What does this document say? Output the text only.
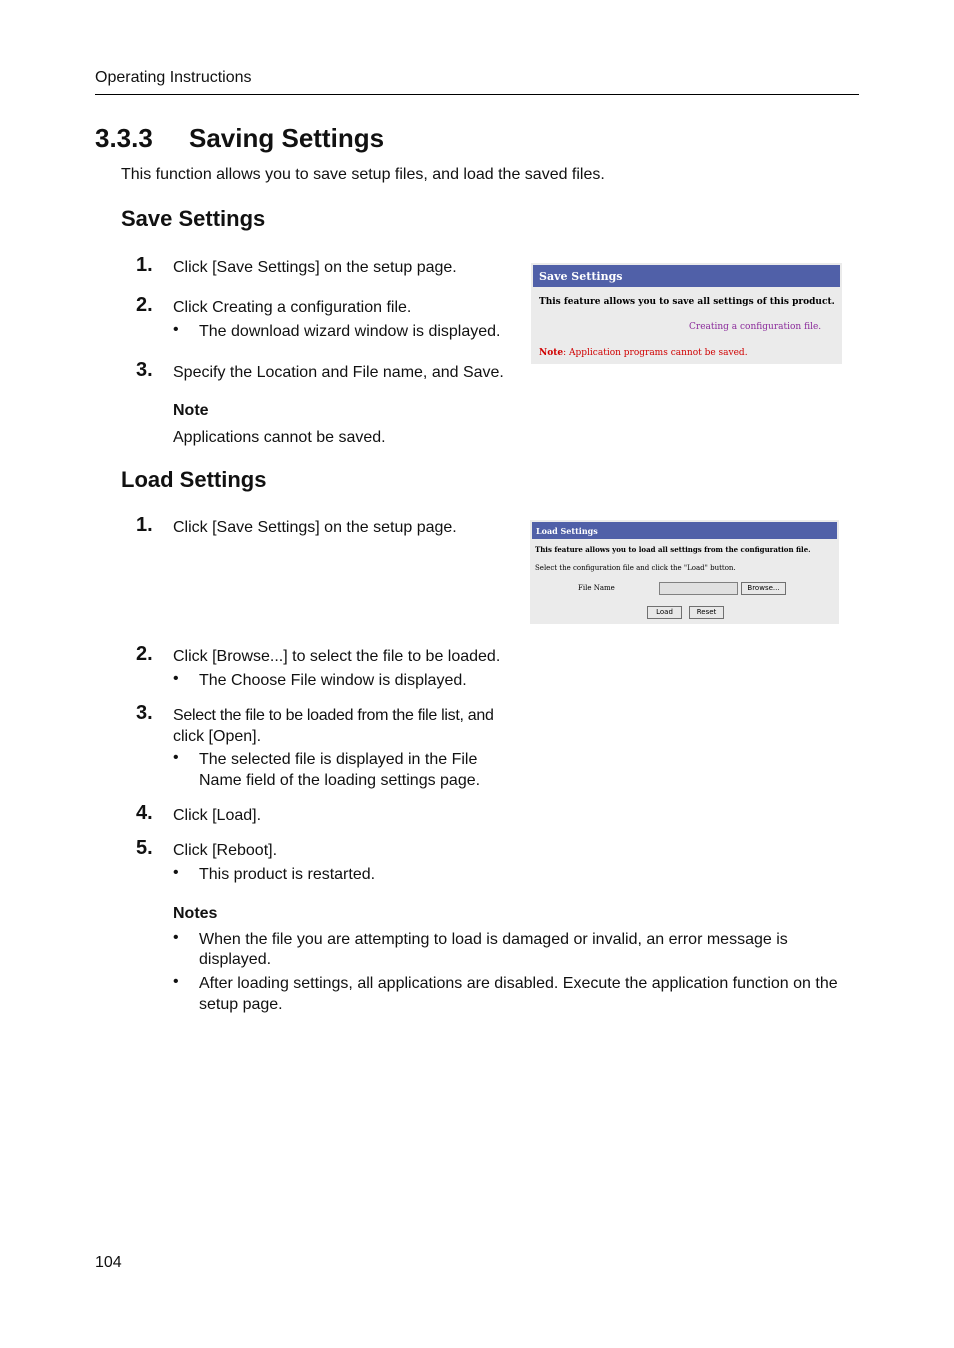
Operating Instructions
3.3.3 Saving Settings
This function allows you to save setup files, and load the saved files.
Save Settings
1. Click [Save Settings] on the setup page.
2. Click Creating a configuration file.
• The download wizard window is displayed.
3. Specify the Location and File name, and Save.
Note
Applications cannot be saved.
Save Settings
This feature allows you to save all settings of this product.
Creating a configuration file.
Note: Application programs cannot be saved.
Load Settings
1. Click [Save Settings] on the setup page.	Load Settings
This feature allows you to load all settings from the configuration file.
Select the configuration file and click the "Load" button.
File Name	Browse...
Load	Reset
2. Click [Browse...] to select the file to be loaded.
• The Choose File window is displayed.
3. Select the file to be loaded from the file list, and
click [Open].
• The selected file is displayed in the File
Name field of the loading settings page.
4. Click [Load].
5. Click [Reboot].
• This product is restarted.
Notes
• When the file you are attempting to load is damaged or invalid, an error message is
displayed.
• After loading settings, all applications are disabled. Execute the application function on the
setup page.
104
